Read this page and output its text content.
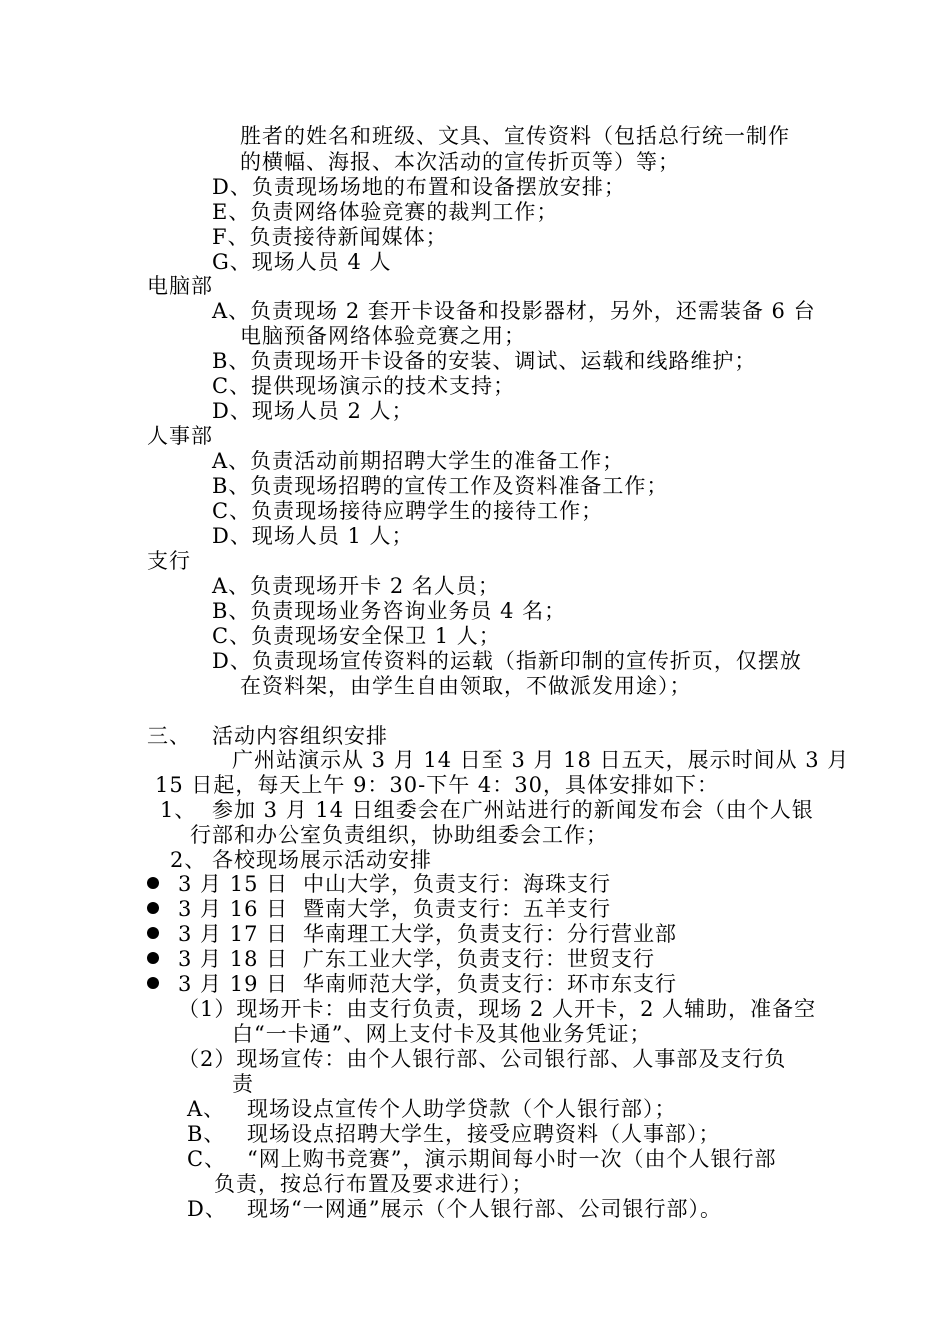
胜者的姓名和班级、文具、宣传资料（包括总行统一制作
的横幅、海报、本次活动的宣传折页等）等；
D、负责现场场地的布置和设备摆放安排；
E、负责网络体验竞赛的裁判工作；
F、负责接待新闻媒体；
G、现场人员 4 人
电脑部
A、负责现场 2 套开卡设备和投影器材，另外，还需装备 6 台
电脑预备网络体验竞赛之用；
B、负责现场开卡设备的安装、调试、运载和线路维护；
C、提供现场演示的技术支持；
D、现场人员 2 人；
人事部
A、负责活动前期招聘大学生的准备工作；
B、负责现场招聘的宣传工作及资料准备工作；
C、负责现场接待应聘学生的接待工作；
D、现场人员 1 人；
支行
A、负责现场开卡 2 名人员；
B、负责现场业务咨询业务员 4 名；
C、负责现场安全保卫 1 人；
D、负责现场宣传资料的运载（指新印制的宣传折页，仅摆放
在资料架，由学生自由领取，不做派发用途）；
三、 活动内容组织安排
广州站演示从 3 月 14 日至 3 月 18 日五天，展示时间从 3 月
15 日起，每天上午 9：30-下午 4：30，具体安排如下：
1、 参加 3 月 14 日组委会在广州站进行的新闻发布会（由个人银
行部和办公室负责组织，协助组委会工作；
2、 各校现场展示活动安排
3 月 15 日 中山大学，负责支行：海珠支行
3 月 16 日 暨南大学，负责支行：五羊支行
3 月 17 日 华南理工大学，负责支行：分行营业部
3 月 18 日 广东工业大学，负责支行：世贸支行
3 月 19 日 华南师范大学，负责支行：环市东支行
（1）现场开卡：由支行负责，现场 2 人开卡，2 人辅助，准备空
白“一卡通”、网上支付卡及其他业务凭证；
（2）现场宣传：由个人银行部、公司银行部、人事部及支行负
责
A、 现场设点宣传个人助学贷款（个人银行部）；
B、 现场设点招聘大学生，接受应聘资料（人事部）；
C、 “网上购书竞赛”，演示期间每小时一次（由个人银行部
负责，按总行布置及要求进行）；
D、 现场“一网通”展示（个人银行部、公司银行部）。
